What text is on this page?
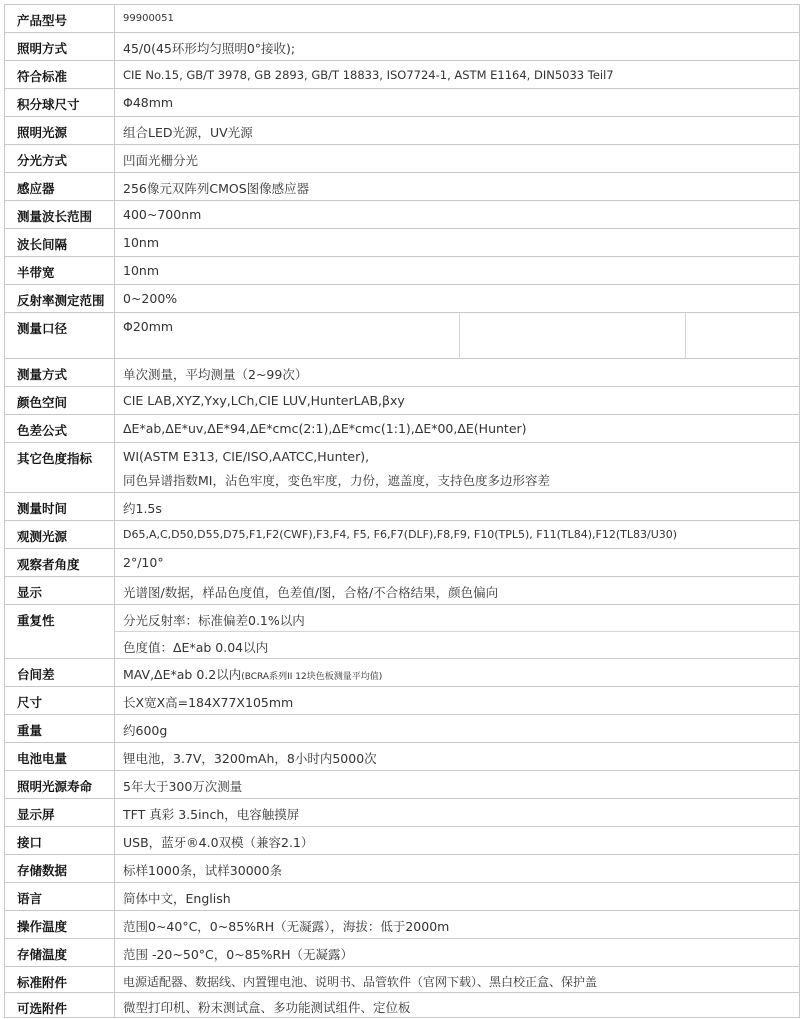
产品型号	99900051
照明方式	45/0(45环形均匀照明0°接收);
符合标准	CIE No.15, GB/T 3978, GB 2893, GB/T 18833, ISO7724-1, ASTM E1164, DIN5033 Teil7
积分球尺寸	Φ48mm
照明光源	组合LED光源，UV光源
分光方式	凹面光栅分光
感应器	256像元双阵列CMOS图像感应器
测量波长范围 400~700nm
波长间隔	10nm
半带宽	10nm
反射率测定范围 0~200%
测量口径	Φ20mm
测量方式	单次测量，平均测量（2~99次）
颜色空间	CIE LAB,XYZ,Yxy,LCh,CIE LUV,HunterLAB,βxy
色差公式	ΔE*ab,ΔE*uv,ΔE*94,ΔE*cmc(2:1),ΔE*cmc(1:1),ΔE*00,ΔE(Hunter)
其它色度指标 WI(ASTM E313, CIE/ISO,AATCC,Hunter),
同色异谱指数MI，沾色牢度，变色牢度，力份，遮盖度，支持色度多边形容差
测量时间	约1.5s
观测光源	D65,A,C,D50,D55,D75,F1,F2(CWF),F3,F4, F5, F6,F7(DLF),F8,F9, F10(TPL5), F11(TL84),F12(TL83/U30)
观察者角度	2°/10°
显示	光谱图/数据，样品色度值，色差值/图，合格/不合格结果，颜色偏向
重复性	分光反射率：标准偏差0.1%以内
色度值：ΔE*ab 0.04以内
台间差	MAV,ΔE*ab 0.2以内(BCRA系列II 12块色板测量平均值)
尺寸	长X宽X高=184X77X105mm
重量	约600g
电池电量	锂电池，3.7V，3200mAh，8小时内5000次
照明光源寿命 5年大于300万次测量
显示屏	TFT 真彩 3.5inch，电容触摸屏
接口	USB，蓝牙®4.0双模（兼容2.1）
存储数据	标样1000条，试样30000条
语言	简体中文，English
操作温度	范围0~40°C，0~85%RH（无凝露），海拔：低于2000m
存储温度	范围 -20~50°C，0~85%RH（无凝露）
标准附件	电源适配器、数据线、内置锂电池、说明书、品管软件（官网下载）、黑白校正盒、保护盖
可选附件	微型打印机、粉末测试盒、多功能测试组件、定位板
